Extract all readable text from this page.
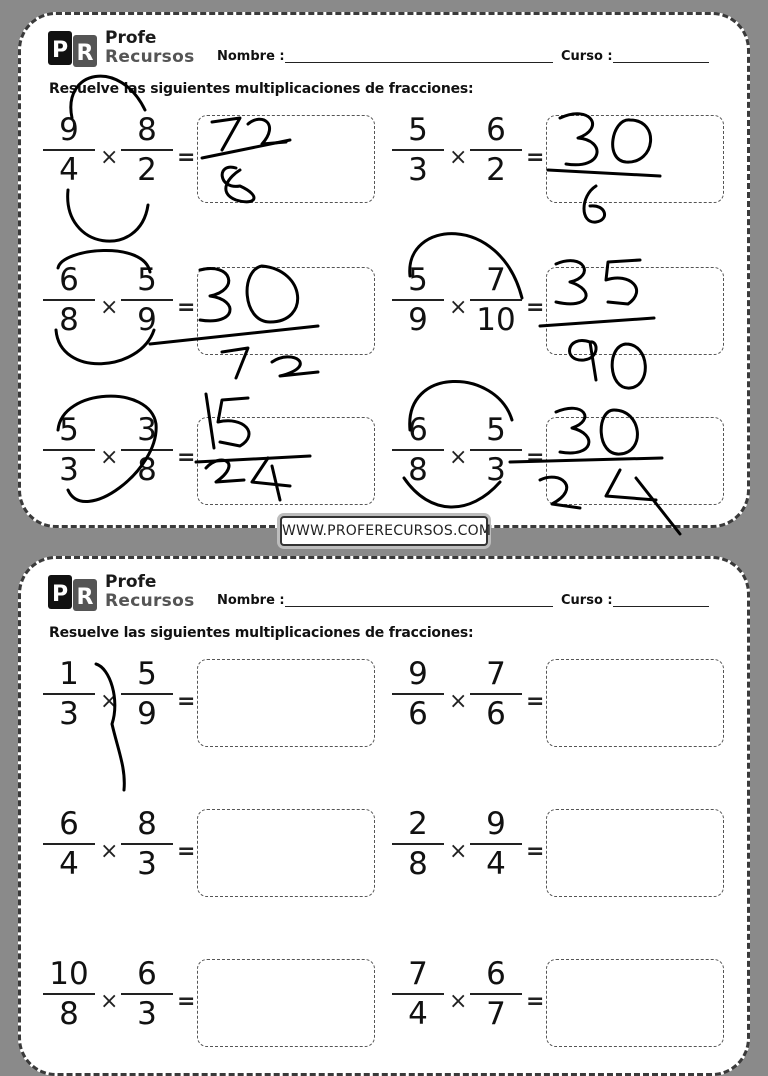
P R
Profe
Recursos Nombre :	Curso :
Resuelve las siguientes multiplicaciones de fracciones:
9
4 ×
8
2 =
5
3 ×
6
2 =
6
8 ×
5
9 =
5
9 ×
7
10 =
5
3 ×
3
8 =
6
8 ×
5
3 =
WWW.PROFERECURSOS.COM
P R
Profe
Recursos Nombre :	Curso :
Resuelve las siguientes multiplicaciones de fracciones:
1
3 ×
5
9 =
9
6 ×
7
6 =
6
4 ×
8
3 =
2
8 ×
9
4 =
10
8 ×
6
3 =
7
4 ×
6
7 =
